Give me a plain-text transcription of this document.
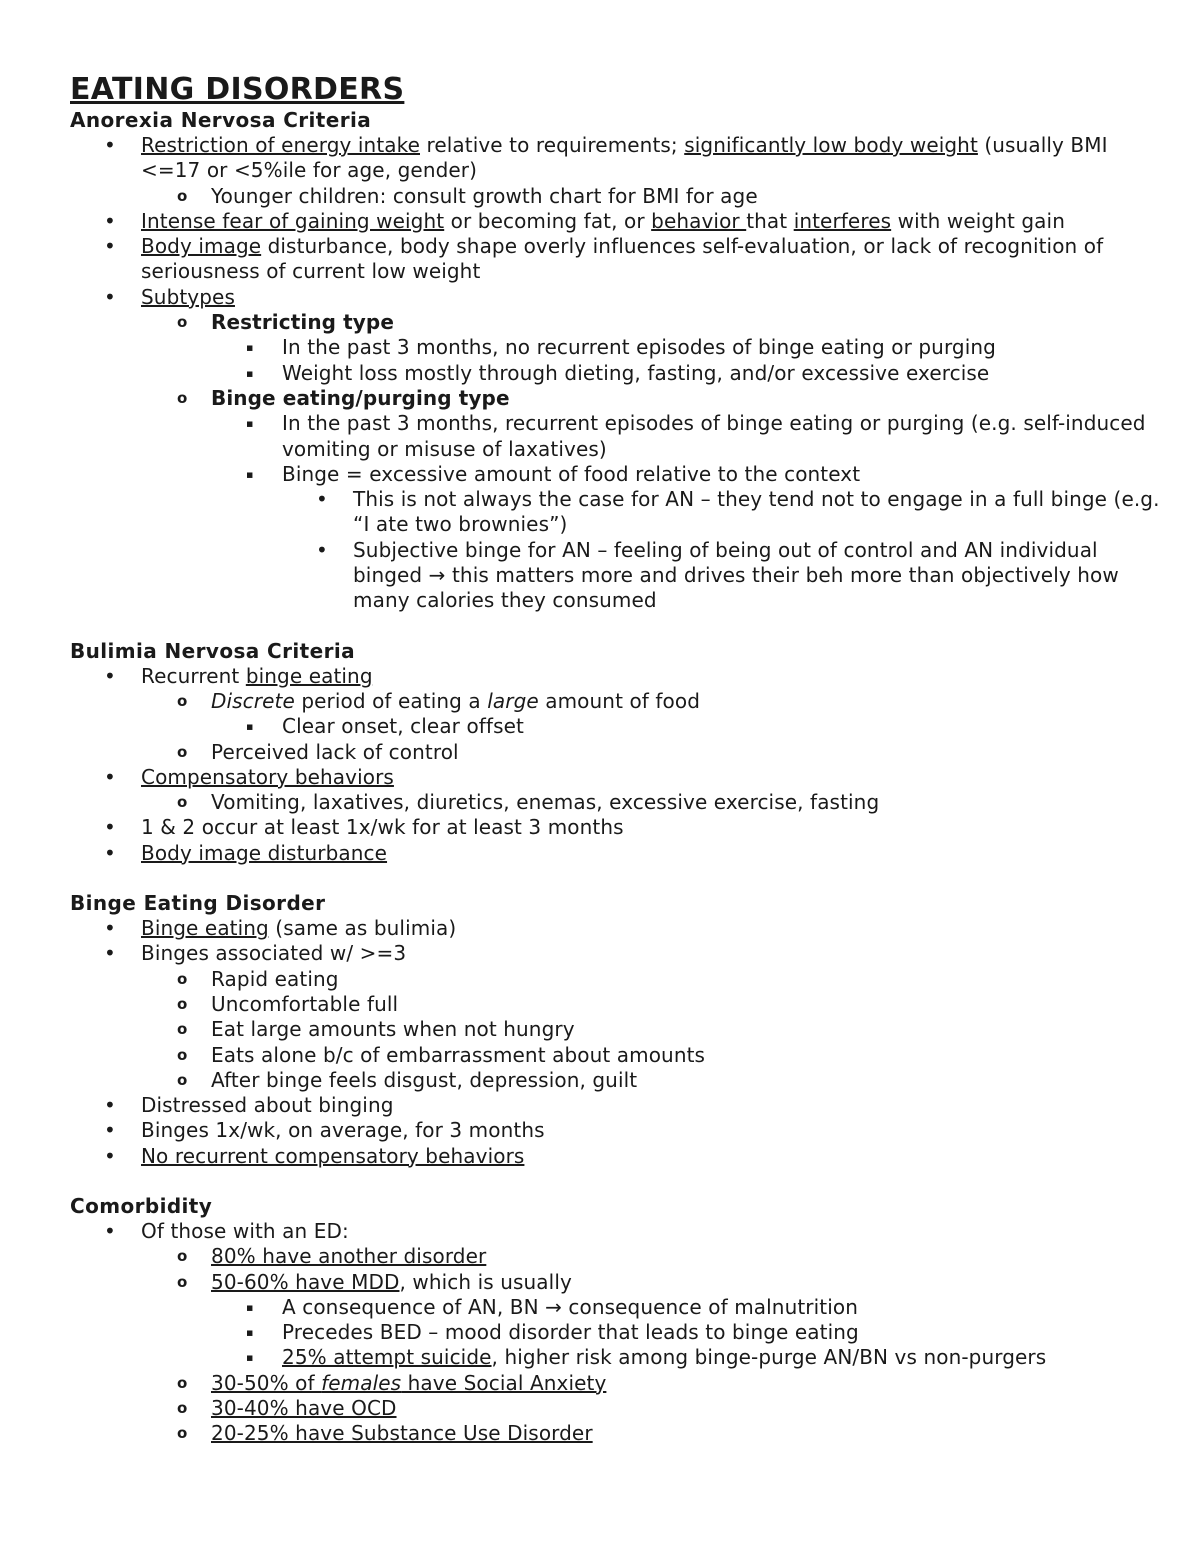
EATING DISORDERS
Anorexia Nervosa Criteria
• Restriction of energy intake relative to requirements; significantly low body weight (usually BMI <=17 or <5%ile for age, gender)
o Younger children: consult growth chart for BMI for age
• Intense fear of gaining weight or becoming fat, or behavior that interferes with weight gain
• Body image disturbance, body shape overly influences self-evaluation, or lack of recognition of seriousness of current low weight
• Subtypes
o Restricting type
▪ In the past 3 months, no recurrent episodes of binge eating or purging
▪ Weight loss mostly through dieting, fasting, and/or excessive exercise
o Binge eating/purging type
▪ In the past 3 months, recurrent episodes of binge eating or purging (e.g. self-induced vomiting or misuse of laxatives)
▪ Binge = excessive amount of food relative to the context
• This is not always the case for AN – they tend not to engage in a full binge (e.g. “I ate two brownies”)
• Subjective binge for AN – feeling of being out of control and AN individual binged → this matters more and drives their beh more than objectively how many calories they consumed
Bulimia Nervosa Criteria
• Recurrent binge eating
o Discrete period of eating a large amount of food
▪ Clear onset, clear offset
o Perceived lack of control
• Compensatory behaviors
o Vomiting, laxatives, diuretics, enemas, excessive exercise, fasting
• 1 & 2 occur at least 1x/wk for at least 3 months
• Body image disturbance
Binge Eating Disorder
• Binge eating (same as bulimia)
• Binges associated w/ >=3
o Rapid eating
o Uncomfortable full
o Eat large amounts when not hungry
o Eats alone b/c of embarrassment about amounts
o After binge feels disgust, depression, guilt
• Distressed about binging
• Binges 1x/wk, on average, for 3 months
• No recurrent compensatory behaviors
Comorbidity
• Of those with an ED:
o 80% have another disorder
o 50-60% have MDD, which is usually
▪ A consequence of AN, BN → consequence of malnutrition
▪ Precedes BED – mood disorder that leads to binge eating
▪ 25% attempt suicide, higher risk among binge-purge AN/BN vs non-purgers
o 30-50% of females have Social Anxiety
o 30-40% have OCD
o 20-25% have Substance Use Disorder
